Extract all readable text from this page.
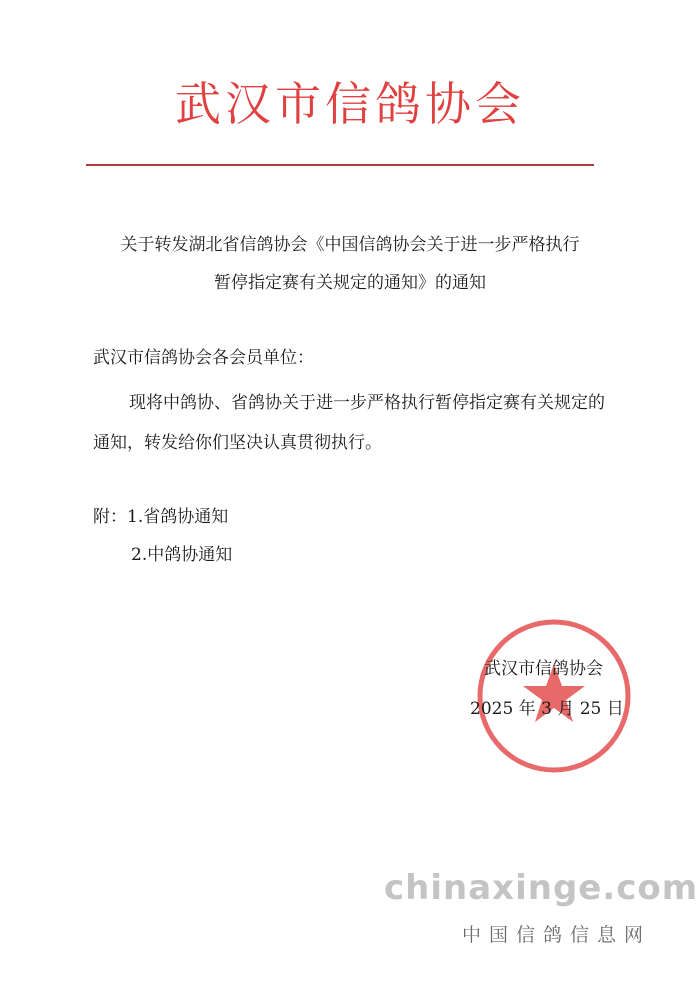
武汉市信鸽协会
关于转发湖北省信鸽协会《中国信鸽协会关于进一步严格执行
暂停指定赛有关规定的通知》的通知
武汉市信鸽协会各会员单位：
现将中鸽协、省鸽协关于进一步严格执行暂停指定赛有关规定的通知，转发给你们坚决认真贯彻执行。
附：1.省鸽协通知
2.中鸽协通知
武汉市信鸽协会
2025 年 3 月 25 日
chinaxinge.com
中国信鸽信息网
